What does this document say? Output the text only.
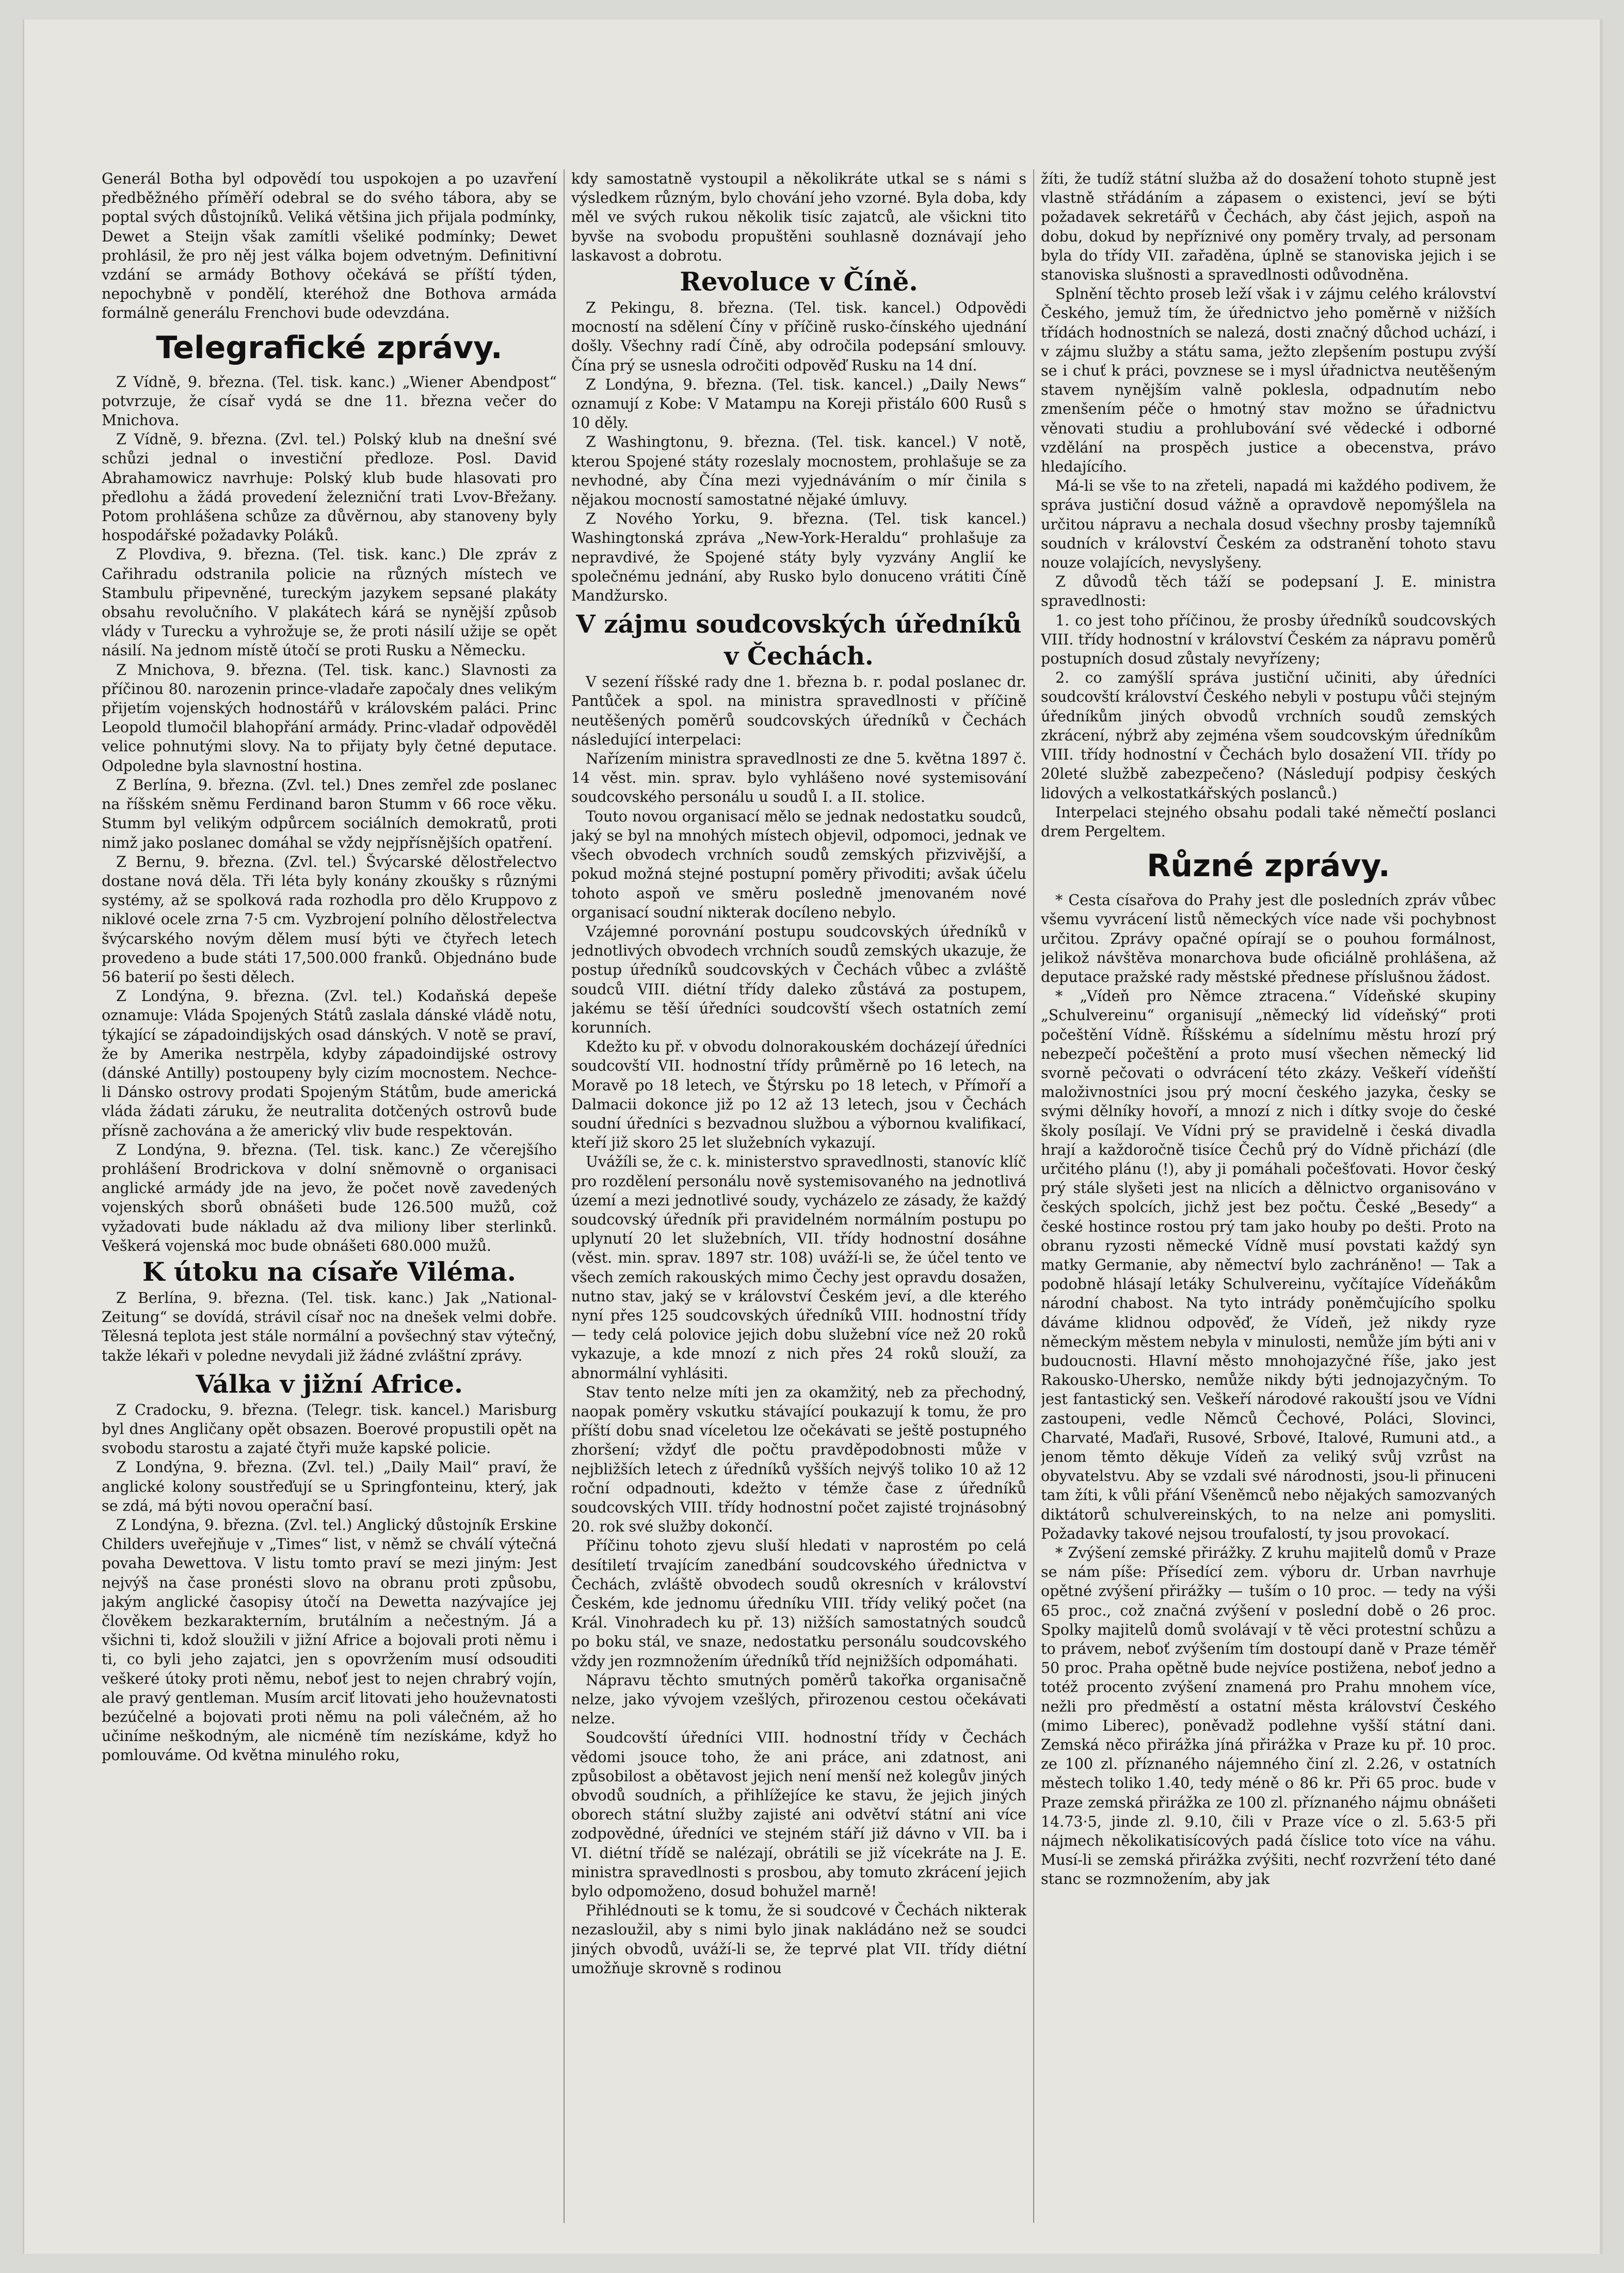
Generál Botha byl odpovědí tou uspokojen a po uzavření předběžného příměří odebral se do svého tábora, aby se poptal svých důstojníků. Veliká většina jich přijala podmínky, Dewet a Steijn však zamítli všeliké podmínky; Dewet prohlásil, že pro něj jest válka bojem odvetným. Definitivní vzdání se armády Bothovy očekává se příští týden, nepochybně v pondělí, kteréhož dne Bothova armáda formálně generálu Frenchovi bude odevzdána.

Telegrafické zprávy.

Z Vídně, 9. března. (Tel. tisk. kanc.) „Wiener Abendpost“ potvrzuje, že císař vydá se dne 11. března večer do Mnichova.

Z Vídně, 9. března. (Zvl. tel.) Polský klub na dnešní své schůzi jednal o investiční předloze. Posl. David Abrahamowicz navrhuje: Polský klub bude hlasovati pro předlohu a žádá provedení železniční trati Lvov-Břežany. Potom prohlášena schůze za důvěrnou, aby stanoveny byly hospodářské požadavky Poláků.

Z Plovdiva, 9. března. (Tel. tisk. kanc.) Dle zpráv z Cařihradu odstranila policie na různých místech ve Stambulu připevněné, tureckým jazykem sepsané plakáty obsahu revolučního. V plakátech kárá se nynější způsob vlády v Turecku a vyhrožuje se, že proti násilí užije se opět násilí. Na jednom místě útočí se proti Rusku a Německu.

Z Mnichova, 9. března. (Tel. tisk. kanc.) Slavnosti za příčinou 80. narozenin prince-vladaře započaly dnes velikým přijetím vojenských hodnostářů v královském paláci. Princ Leopold tlumočil blahopřání armády. Princ-vladař odpověděl velice pohnutými slovy. Na to přijaty byly četné deputace. Odpoledne byla slavnostní hostina.

Z Berlína, 9. března. (Zvl. tel.) Dnes zemřel zde poslanec na říšském sněmu Ferdinand baron Stumm v 66 roce věku. Stumm byl velikým odpůrcem sociálních demokratů, proti nimž jako poslanec domáhal se vždy nejpřísnějších opatření.

Z Bernu, 9. března. (Zvl. tel.) Švýcarské dělostřelectvo dostane nová děla. Tři léta byly konány zkoušky s různými systémy, až se spolková rada rozhodla pro dělo Kruppovo z niklové ocele zrna 7·5 cm. Vyzbrojení polního dělostřelectva švýcarského novým dělem musí býti ve čtyřech letech provedeno a bude státi 17,500.000 franků. Objednáno bude 56 baterií po šesti dělech.

Z Londýna, 9. března. (Zvl. tel.) Kodaňská depeše oznamuje: Vláda Spojených Států zaslala dánské vládě notu, týkající se západoindijských osad dánských. V notě se praví, že by Amerika nestrpěla, kdyby západoindijské ostrovy (dánské Antilly) postoupeny byly cizím mocnostem. Nechce-li Dánsko ostrovy prodati Spojeným Státům, bude americká vláda žádati záruku, že neutralita dotčených ostrovů bude přísně zachována a že americký vliv bude respektován.

Z Londýna, 9. března. (Tel. tisk. kanc.) Ze včerejšího prohlášení Brodrickova v dolní sněmovně o organisaci anglické armády jde na jevo, že počet nově zavedených vojenských sborů obnášeti bude 126.500 mužů, což vyžadovati bude nákladu až dva miliony liber sterlinků. Veškerá vojenská moc bude obnášeti 680.000 mužů.

K útoku na císaře Viléma.

Z Berlína, 9. března. (Tel. tisk. kanc.) Jak „National-Zeitung“ se dovídá, strávil císař noc na dnešek velmi dobře. Tělesná teplota jest stále normální a povšechný stav výtečný, takže lékaři v poledne nevydali již žádné zvláštní zprávy.

Válka v jižní Africe.

Z Cradocku, 9. března. (Telegr. tisk. kancel.) Marisburg byl dnes Angličany opět obsazen. Boerové propustili opět na svobodu starostu a zajaté čtyři muže kapské policie.

Z Londýna, 9. března. (Zvl. tel.) „Daily Mail“ praví, že anglické kolony soustřeďují se u Springfonteinu, který, jak se zdá, má býti novou operační basí.

Z Londýna, 9. března. (Zvl. tel.) Anglický důstojník Erskine Childers uveřejňuje v „Times“ list, v němž se chválí výtečná povaha Dewettova. V listu tomto praví se mezi jiným: Jest nejvýš na čase pronésti slovo na obranu proti způsobu, jakým anglické časopisy útočí na Dewetta nazývajíce jej člověkem bezkarakterním, brutálním a nečestným. Já a všichni ti, kdož sloužili v jižní Africe a bojovali proti němu i ti, co byli jeho zajatci, jen s opovržením musí odsouditi veškeré útoky proti němu, neboť jest to nejen chrabrý vojín, ale pravý gentleman. Musím arciť litovati jeho houževnatosti bezúčelné a bojovati proti němu na poli válečném, až ho učiníme neškodným, ale nicméně tím nezískáme, když ho pomlouváme. Od května minulého roku,

kdy samostatně vystoupil a několikráte utkal se s námi s výsledkem různým, bylo chování jeho vzorné. Byla doba, kdy měl ve svých rukou několik tisíc zajatců, ale všickni tito byvše na svobodu propuštěni souhlasně doznávají jeho laskavost a dobrotu.

Revoluce v Číně.

Z Pekingu, 8. března. (Tel. tisk. kancel.) Odpovědi mocností na sdělení Číny v příčině rusko-čínského ujednání došly. Všechny radí Číně, aby odročila podepsání smlouvy. Čína prý se usnesla odročiti odpověď Rusku na 14 dní.

Z Londýna, 9. března. (Tel. tisk. kancel.) „Daily News“ oznamují z Kobe: V Matampu na Koreji přistálo 600 Rusů s 10 děly.

Z Washingtonu, 9. března. (Tel. tisk. kancel.) V notě, kterou Spojené státy rozeslaly mocnostem, prohlašuje se za nevhodné, aby Čína mezi vyjednáváním o mír činila s nějakou mocností samostatné nějaké úmluvy.

Z Nového Yorku, 9. března. (Tel. tisk kancel.) Washingtonská zpráva „New-York-Heraldu“ prohlašuje za nepravdivé, že Spojené státy byly vyzvány Anglií ke společnému jednání, aby Rusko bylo donuceno vrátiti Číně Mandžursko.

V zájmu soudcovských úředníků v Čechách.

V sezení říšské rady dne 1. března b. r. podal poslanec dr. Pantůček a spol. na ministra spravedlnosti v příčině neutěšených poměrů soudcovských úředníků v Čechách následující interpelaci:

Nařízením ministra spravedlnosti ze dne 5. května 1897 č. 14 věst. min. sprav. bylo vyhlášeno nové systemisování soudcovského personálu u soudů I. a II. stolice.

Touto novou organisací mělo se jednak nedostatku soudců, jaký se byl na mnohých místech objevil, odpomoci, jednak ve všech obvodech vrchních soudů zemských přizvivější, a pokud možná stejné postupní poměry přivoditi; avšak účelu tohoto aspoň ve směru posledně jmenovaném nové organisací soudní nikterak docíleno nebylo.

Vzájemné porovnání postupu soudcovských úředníků v jednotlivých obvodech vrchních soudů zemských ukazuje, že postup úředníků soudcovských v Čechách vůbec a zvláště soudců VIII. diétní třídy daleko zůstává za postupem, jakému se těší úředníci soudcovští všech ostatních zemí korunních.

Kdežto ku př. v obvodu dolnorakouském docházejí úředníci soudcovští VII. hodnostní třídy průměrně po 16 letech, na Moravě po 18 letech, ve Štýrsku po 18 letech, v Přímoří a Dalmacii dokonce již po 12 až 13 letech, jsou v Čechách soudní úředníci s bezvadnou službou a výbornou kvalifikací, kteří již skoro 25 let služebních vykazují.

Uvážíli se, že c. k. ministerstvo spravedlnosti, stanovíc klíč pro rozdělení personálu nově systemisovaného na jednotlivá území a mezi jednotlivé soudy, vycházelo ze zásady, že každý soudcovský úředník při pravidelném normálním postupu po uplynutí 20 let služebních, VII. třídy hodnostní dosáhne (věst. min. sprav. 1897 str. 108) uváží-li se, že účel tento ve všech zemích rakouských mimo Čechy jest opravdu dosažen, nutno stav, jaký se v království Českém jeví, a dle kterého nyní přes 125 soudcovských úředníků VIII. hodnostní třídy — tedy celá polovice jejich dobu služební více než 20 roků vykazuje, a kde mnozí z nich přes 24 roků slouží, za abnormální vyhlásiti.

Stav tento nelze míti jen za okamžitý, neb za přechodný, naopak poměry vskutku stávající poukazují k tomu, že pro příští dobu snad víceletou lze očekávati se ještě postupného zhoršení; vždyť dle počtu pravděpodobnosti může v nejbližších letech z úředníků vyšších nejvýš toliko 10 až 12 roční odpadnouti, kdežto v témže čase z úředníků soudcovských VIII. třídy hodnostní počet zajisté trojnásobný 20. rok své služby dokončí.

Příčinu tohoto zjevu sluší hledati v naprostém po celá desítiletí trvajícím zanedbání soudcovského úřednictva v Čechách, zvláště obvodech soudů okresních v království Českém, kde jednomu úředníku VIII. třídy veliký počet (na Král. Vinohradech ku př. 13) nižších samostatných soudců po boku stál, ve snaze, nedostatku personálu soudcovského vždy jen rozmnožením úředníků tříd nejnižších odpomáhati.

Nápravu těchto smutných poměrů takořka organisačně nelze, jako vývojem vzešlých, přirozenou cestou očekávati nelze.

Soudcovští úředníci VIII. hodnostní třídy v Čechách vědomi jsouce toho, že ani práce, ani zdatnost, ani způsobilost a obětavost jejich není menší než kolegův jiných obvodů soudních, a přihlížejíce ke stavu, že jejich jiných oborech státní služby zajisté ani odvětví státní ani více zodpovědné, úředníci ve stejném stáří již dávno v VII. ba i VI. diétní třídě se nalézají, obrátili se již vícekráte na J. E. ministra spravedlnosti s prosbou, aby tomuto zkrácení jejich bylo odpomoženo, dosud bohužel marně!

Přihlédnouti se k tomu, že si soudcové v Čechách nikterak nezasloužil, aby s nimi bylo jinak nakládáno než se soudci jiných obvodů, uváží-li se, že teprvé plat VII. třídy diétní umožňuje skrovně s rodinou

žíti, že tudíž státní služba až do dosažení tohoto stupně jest vlastně střádáním a zápasem o existenci, jeví se býti požadavek sekretářů v Čechách, aby část jejich, aspoň na dobu, dokud by nepříznivé ony poměry trvaly, ad personam byla do třídy VII. zařaděna, úplně se stanoviska jejich i se stanoviska slušnosti a spravedlnosti odůvodněna.

Splnění těchto proseb leží však i v zájmu celého království Českého, jemuž tím, že úřednictvo jeho poměrně v nižších třídách hodnostních se nalezá, dosti značný důchod uchází, i v zájmu služby a státu sama, ježto zlepšením postupu zvýší se i chuť k práci, povznese se i mysl úřadnictva neutěšeným stavem nynějším valně poklesla, odpadnutím nebo zmenšením péče o hmotný stav možno se úřadnictvu věnovati studiu a prohlubování své vědecké i odborné vzdělání na prospěch justice a obecenstva, právo hledajícího.

Má-li se vše to na zřeteli, napadá mi každého podivem, že správa justiční dosud vážně a opravdově nepomýšlela na určitou nápravu a nechala dosud všechny prosby tajemníků soudních v království Českém za odstranění tohoto stavu nouze volajících, nevyslyšeny.

Z důvodů těch táží se podepsaní J. E. ministra spravedlnosti:

1. co jest toho příčinou, že prosby úředníků soudcovských VIII. třídy hodnostní v království Českém za nápravu poměrů postupních dosud zůstaly nevyřízeny;

2. co zamýšlí správa justiční učiniti, aby úředníci soudcovští království Českého nebyli v postupu vůči stejným úředníkům jiných obvodů vrchních soudů zemských zkrácení, nýbrž aby zejména všem soudcovským úředníkům VIII. třídy hodnostní v Čechách bylo dosažení VII. třídy po 20leté službě zabezpečeno? (Následují podpisy českých lidových a velkostatkářských poslanců.)

Interpelaci stejného obsahu podali také němečtí poslanci drem Pergeltem.

Různé zprávy.

* Cesta císařova do Prahy jest dle posledních zpráv vůbec všemu vyvrácení listů německých více nade vši pochybnost určitou. Zprávy opačné opírají se o pouhou formálnost, jelikož návštěva monarchova bude oficiálně prohlášena, až deputace pražské rady městské přednese příslušnou žádost.

* „Vídeň pro Němce ztracena.“ Vídeňské skupiny „Schulvereinu“ organisují „německý lid vídeňský“ proti počeštění Vídně. Říšskému a sídelnímu městu hrozí prý nebezpečí počeštění a proto musí všechen německý lid svorně pečovati o odvrácení této zkázy. Veškeří vídeňští maloživnostníci jsou prý mocní českého jazyka, česky se svými dělníky hovoří, a mnozí z nich i dítky svoje do české školy posílají. Ve Vídni prý se pravidelně i česká divadla hrají a každoročně tisíce Čechů prý do Vídně přichází (dle určitého plánu (!), aby ji pomáhali počešťovati. Hovor český prý stále slyšeti jest na nlicích a dělnictvo organisováno v českých spolcích, jichž jest bez počtu. České „Besedy“ a české hostince rostou prý tam jako houby po dešti. Proto na obranu ryzosti německé Vídně musí povstati každý syn matky Germanie, aby němectví bylo zachráněno! — Tak a podobně hlásají letáky Schulvereinu, vyčítajíce Vídeňákům národní chabost. Na tyto intrády poněmčujícího spolku dáváme klidnou odpověď, že Vídeň, jež nikdy ryze německým městem nebyla v minulosti, nemůže jím býti ani v budoucnosti. Hlavní město mnohojazyčné říše, jako jest Rakousko-Uhersko, nemůže nikdy býti jednojazyčným. To jest fantastický sen. Veškeří národové rakouští jsou ve Vídni zastoupeni, vedle Němců Čechové, Poláci, Slovinci, Charvaté, Maďaři, Rusové, Srbové, Italové, Rumuni atd., a jenom těmto děkuje Vídeň za veliký svůj vzrůst na obyvatelstvu. Aby se vzdali své národnosti, jsou-li přinuceni tam žíti, k vůli přání Všeněmců nebo nějakých samozvaných diktátorů schulvereinských, to na nelze ani pomysliti. Požadavky takové nejsou troufalostí, ty jsou provokací.

* Zvýšení zemské přirážky. Z kruhu majitelů domů v Praze se nám píše: Přísedící zem. výboru dr. Urban navrhuje opětné zvýšení přirážky — tuším o 10 proc. — tedy na výši 65 proc., což značná zvýšení v poslední době o 26 proc. Spolky majitelů domů svolávají v tě věci protestní schůzu a to právem, neboť zvýšením tím dostoupí daně v Praze téměř 50 proc. Praha opětně bude nejvíce postižena, neboť jedno a totéž procento zvýšení znamená pro Prahu mnohem více, nežli pro předměstí a ostatní města království Českého (mimo Liberec), poněvadž podlehne vyšší státní dani. Zemská něco přirážka jíná přirážka v Praze ku př. 10 proc. ze 100 zl. příznaného nájemného činí zl. 2.26, v ostatních městech toliko 1.40, tedy méně o 86 kr. Při 65 proc. bude v Praze zemská přirážka ze 100 zl. příznaného nájmu obnášeti 14.73·5, jinde zl. 9.10, čili v Praze více o zl. 5.63·5 při nájmech několikatisícových padá číslice toto více na váhu. Musí-li se zemská přirážka zvýšiti, nechť rozvržení této dané stanc se rozmnožením, aby jak
